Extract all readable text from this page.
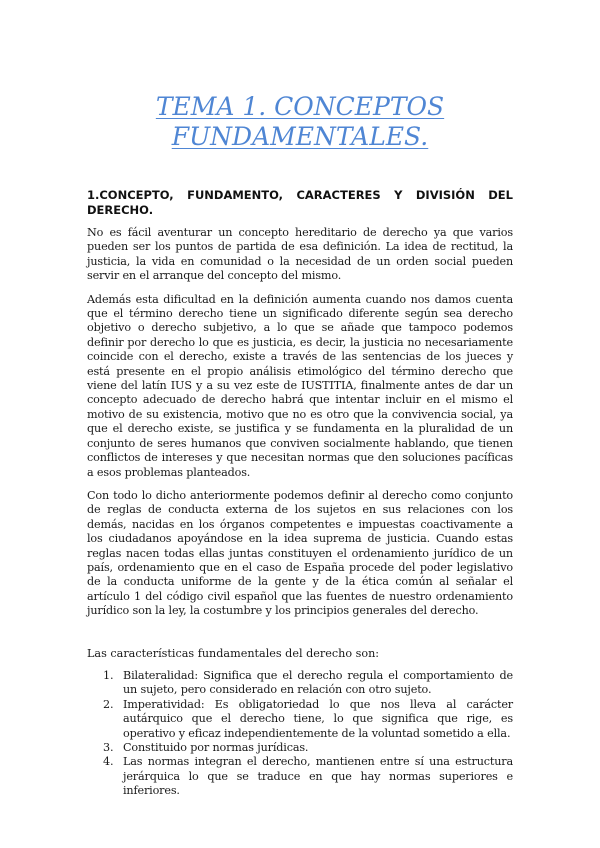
TEMA 1. CONCEPTOS FUNDAMENTALES.
1.CONCEPTO, FUNDAMENTO, CARACTERES Y DIVISIÓN DEL DERECHO.

No es fácil aventurar un concepto hereditario de derecho ya que varios pueden ser los puntos de partida de esa definición. La idea de rectitud, la justicia, la vida en comunidad o la necesidad de un orden social pueden servir en el arranque del concepto del mismo.

Además esta dificultad en la definición aumenta cuando nos damos cuenta que el término derecho tiene un significado diferente según sea derecho objetivo o derecho subjetivo, a lo que se añade que tampoco podemos definir por derecho lo que es justicia, es decir, la justicia no necesariamente coincide con el derecho, existe a través de las sentencias de los jueces y está presente en el propio análisis etimológico del término derecho que viene del latín IUS y a su vez este de IUSTITIA, finalmente antes de dar un concepto adecuado de derecho habrá que intentar incluir en el mismo el motivo de su existencia, motivo que no es otro que la convivencia social, ya que el derecho existe, se justifica y se fundamenta en la pluralidad de un conjunto de seres humanos que conviven socialmente hablando, que tienen conflictos de intereses y que necesitan normas que den soluciones pacíficas a esos problemas planteados.

Con todo lo dicho anteriormente podemos definir al derecho como conjunto de reglas de conducta externa de los sujetos en sus relaciones con los demás, nacidas en los órganos competentes e impuestas coactivamente a los ciudadanos apoyándose en la idea suprema de justicia. Cuando estas reglas nacen todas ellas juntas constituyen el ordenamiento jurídico de un país, ordenamiento que en el caso de España procede del poder legislativo de la conducta uniforme de la gente y de la ética común al señalar el artículo 1 del código civil español que las fuentes de nuestro ordenamiento jurídico son la ley, la costumbre y los principios generales del derecho.

Las características fundamentales del derecho son:

1. Bilateralidad: Significa que el derecho regula el comportamiento de un sujeto, pero considerado en relación con otro sujeto.
2. Imperatividad: Es obligatoriedad lo que nos lleva al carácter autárquico que el derecho tiene, lo que significa que rige, es operativo y eficaz independientemente de la voluntad sometido a ella.
3. Constituido por normas jurídicas.
4. Las normas integran el derecho, mantienen entre sí una estructura jerárquica lo que se traduce en que hay normas superiores e inferiores.
